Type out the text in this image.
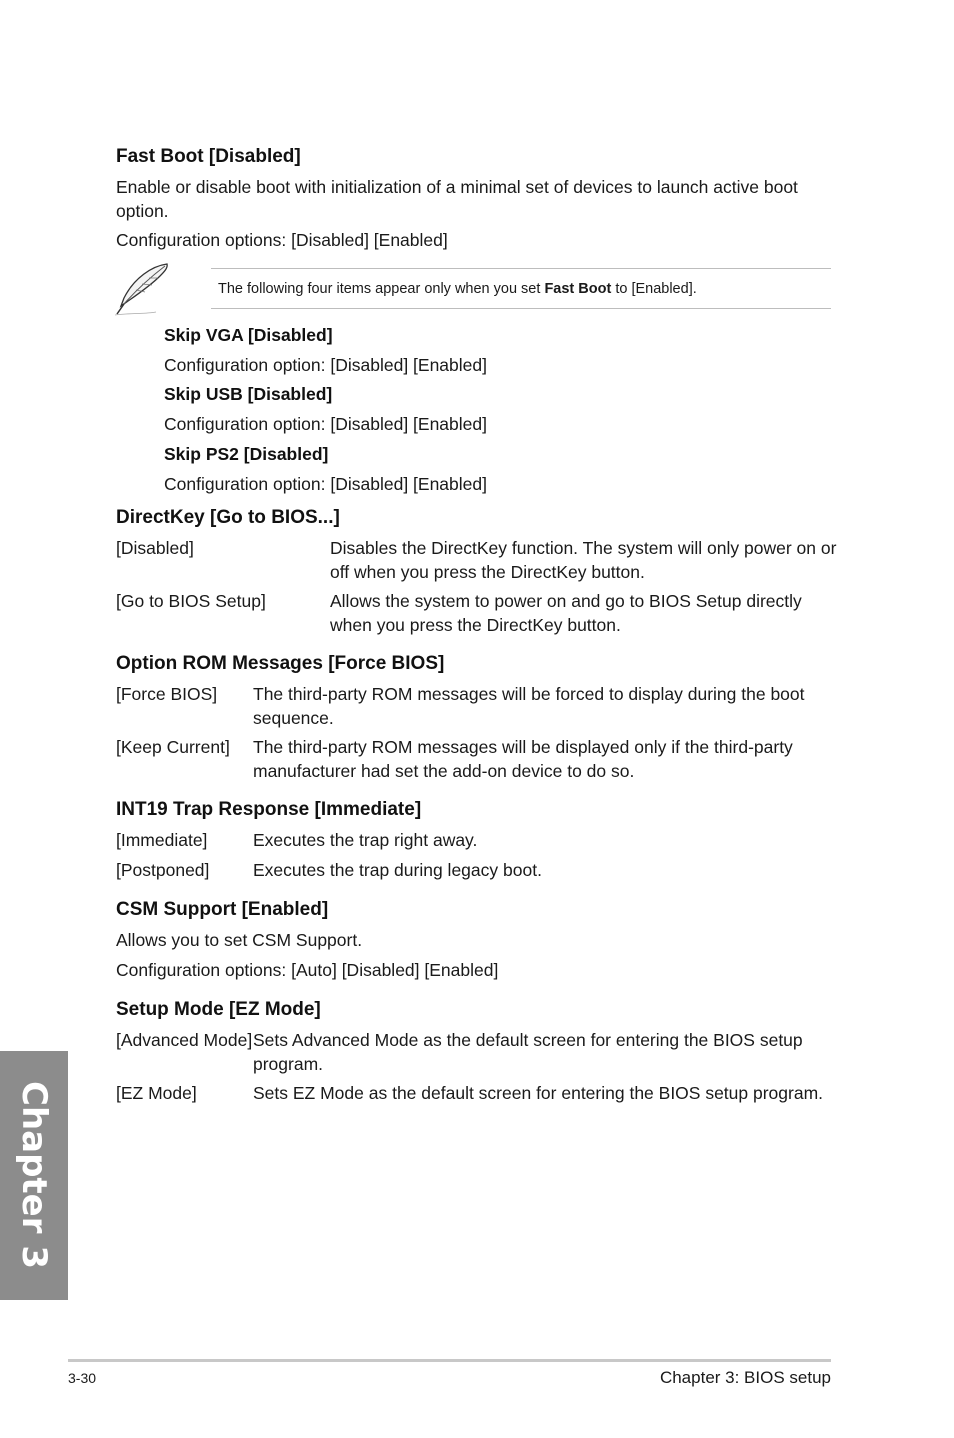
Fast Boot [Disabled]
Enable or disable boot with initialization of a minimal set of devices to launch active boot option.
Configuration options: [Disabled] [Enabled]
The following four items appear only when you set Fast Boot to [Enabled].
Skip VGA [Disabled]
Configuration option: [Disabled] [Enabled]
Skip USB [Disabled]
Configuration option: [Disabled] [Enabled]
Skip PS2 [Disabled]
Configuration option: [Disabled] [Enabled]
DirectKey [Go to BIOS...]
[Disabled]	Disables the DirectKey function. The system will only power on or off when you press the DirectKey button.
[Go to BIOS Setup]	Allows the system to power on and go to BIOS Setup directly when you press the DirectKey button.
Option ROM Messages [Force BIOS]
[Force BIOS] The third-party ROM messages will be forced to display during the boot sequence.
[Keep Current] The third-party ROM messages will be displayed only if the third-party manufacturer had set the add-on device to do so.
INT19 Trap Response [Immediate]
[Immediate]	Executes the trap right away.
[Postponed] Executes the trap during legacy boot.
CSM Support [Enabled]
Allows you to set CSM Support.
Configuration options: [Auto] [Disabled] [Enabled]
Setup Mode [EZ Mode]
[Advanced Mode] Sets Advanced Mode as the default screen for entering the BIOS setup program.
[EZ Mode]	Sets EZ Mode as the default screen for entering the BIOS setup program.
Chapter 3
3-30	Chapter 3: BIOS setup
